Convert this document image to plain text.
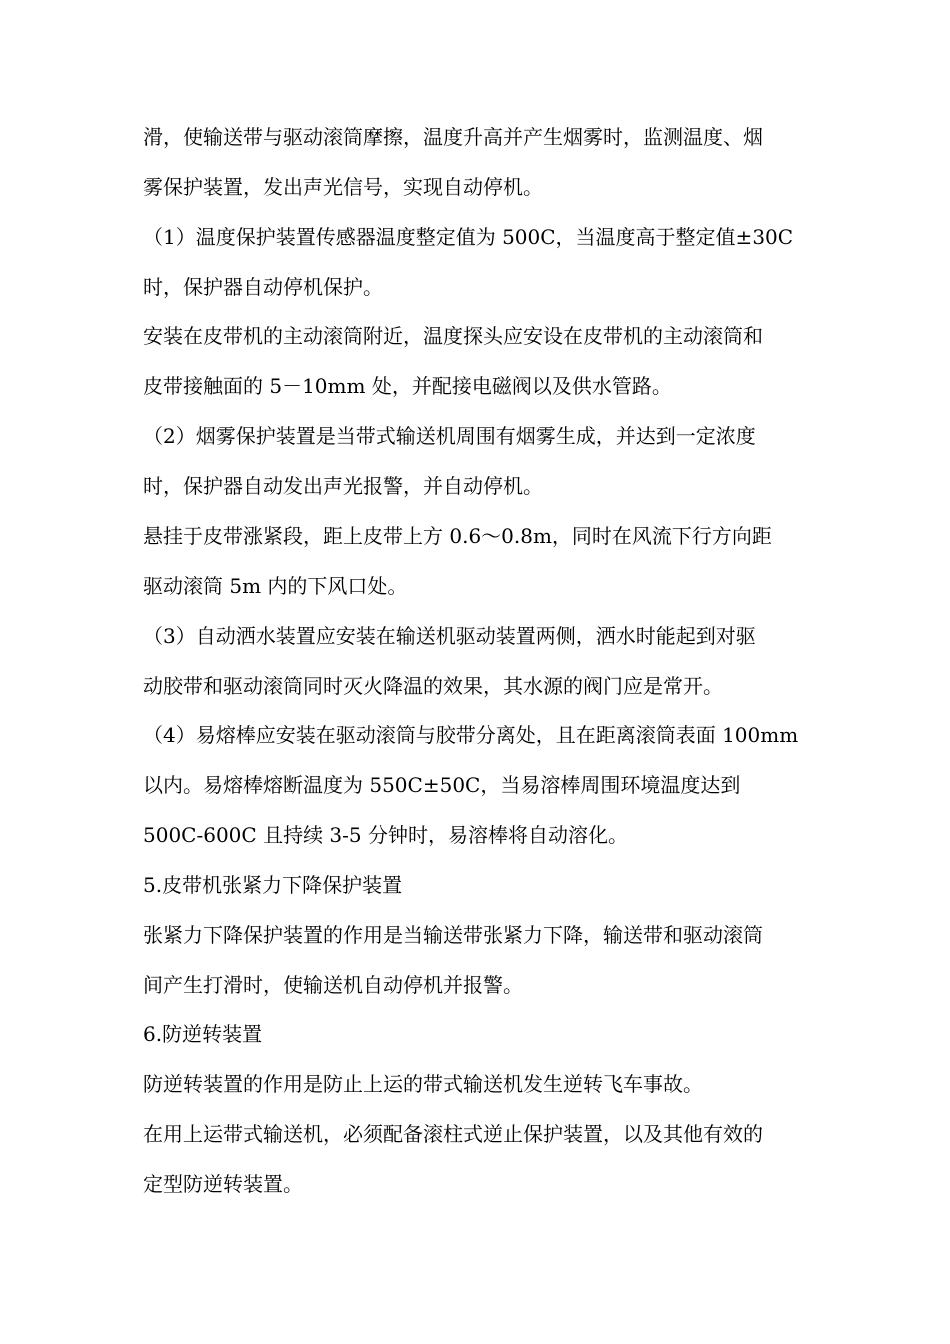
滑，使输送带与驱动滚筒摩擦，温度升高并产生烟雾时，监测温度、烟
雾保护装置，发出声光信号，实现自动停机。
（1）温度保护装置传感器温度整定值为 500C，当温度高于整定值±30C
时，保护器自动停机保护。
安装在皮带机的主动滚筒附近，温度探头应安设在皮带机的主动滚筒和
皮带接触面的 5－10mm 处，并配接电磁阀以及供水管路。
（2）烟雾保护装置是当带式输送机周围有烟雾生成，并达到一定浓度
时，保护器自动发出声光报警，并自动停机。
悬挂于皮带涨紧段，距上皮带上方 0.6～0.8m，同时在风流下行方向距
驱动滚筒 5m 内的下风口处。
（3）自动洒水装置应安装在输送机驱动装置两侧，洒水时能起到对驱
动胶带和驱动滚筒同时灭火降温的效果，其水源的阀门应是常开。
（4）易熔棒应安装在驱动滚筒与胶带分离处，且在距离滚筒表面 100mm
以内。易熔棒熔断温度为 550C±50C，当易溶棒周围环境温度达到
500C-600C 且持续 3-5 分钟时，易溶棒将自动溶化。
5.皮带机张紧力下降保护装置
张紧力下降保护装置的作用是当输送带张紧力下降，输送带和驱动滚筒
间产生打滑时，使输送机自动停机并报警。
6.防逆转装置
防逆转装置的作用是防止上运的带式输送机发生逆转飞车事故。
在用上运带式输送机，必须配备滚柱式逆止保护装置，以及其他有效的
定型防逆转装置。
